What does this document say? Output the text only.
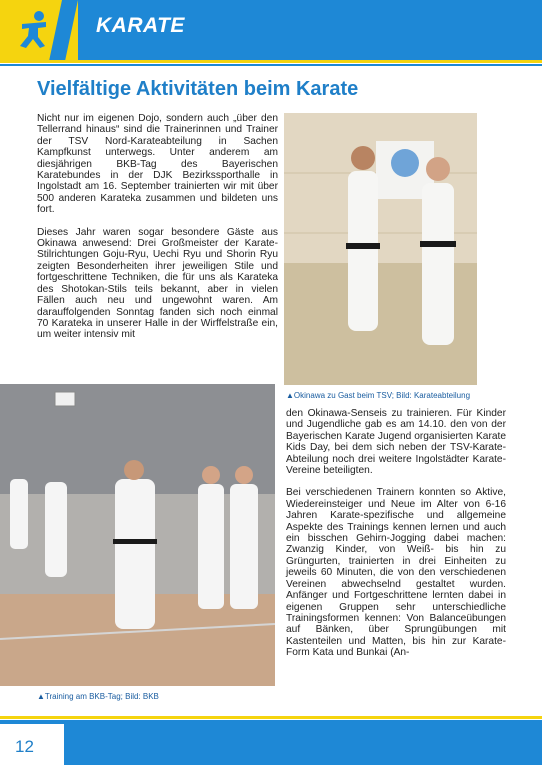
KARATE
Vielfältige Aktivitäten beim Karate

Nicht nur im eigenen Dojo, sondern auch „über den Tellerrand hinaus“ sind die Trainerinnen und Trainer der TSV Nord-Karateabteilung in Sachen Kampfkunst unterwegs. Unter anderem am diesjährigen BKB-Tag des Bayerischen Karatebundes in der DJK Bezirkssporthalle in Ingolstadt am 16. September trainierten wir mit über 500 anderen Karateka zusammen und bildeten uns fort.

Dieses Jahr waren sogar besondere Gäste aus Okinawa anwesend: Drei Großmeister der Karate-Stilrichtungen Goju-Ryu, Uechi Ryu und Shorin Ryu zeigten Besonderheiten ihrer jeweiligen Stile und fortgeschrittene Techniken, die für uns als Karateka des Shotokan-Stils teils bekannt, aber in vielen Fällen auch neu und ungewohnt waren. Am darauffolgenden Sonntag fanden sich noch einmal 70 Karateka in unserer Halle in der Wirffelstraße ein, um weiter intensiv mit

▲Okinawa zu Gast beim TSV; Bild: Karateabteilung
▲Training am BKB-Tag; Bild: BKB

den Okinawa-Senseis zu trainieren. Für Kinder und Jugendliche gab es am 14.10. den von der Bayerischen Karate Jugend organisierten Karate Kids Day, bei dem sich neben der TSV-Karate-Abteilung noch drei weitere Ingolstädter Karate-Vereine beteiligten.

Bei verschiedenen Trainern konnten so Aktive, Wiedereinsteiger und Neue im Alter von 6-16 Jahren Karate-spezifische und allgemeine Aspekte des Trainings kennen lernen und auch ein bisschen Gehirn-Jogging dabei machen: Zwanzig Kinder, von Weiß- bis hin zu Grüngurten, trainierten in drei Einheiten zu jeweils 60 Minuten, die von den verschiedenen Vereinen abwechselnd gestaltet wurden. Anfänger und Fortgeschrittene lernten dabei in eigenen Gruppen sehr unterschiedliche Trainingsformen kennen: Von Balanceübungen auf Bänken, über Sprungübungen mit Kastenteilen und Matten, bis hin zur Karate-Form Kata und Bunkai (An-

12
